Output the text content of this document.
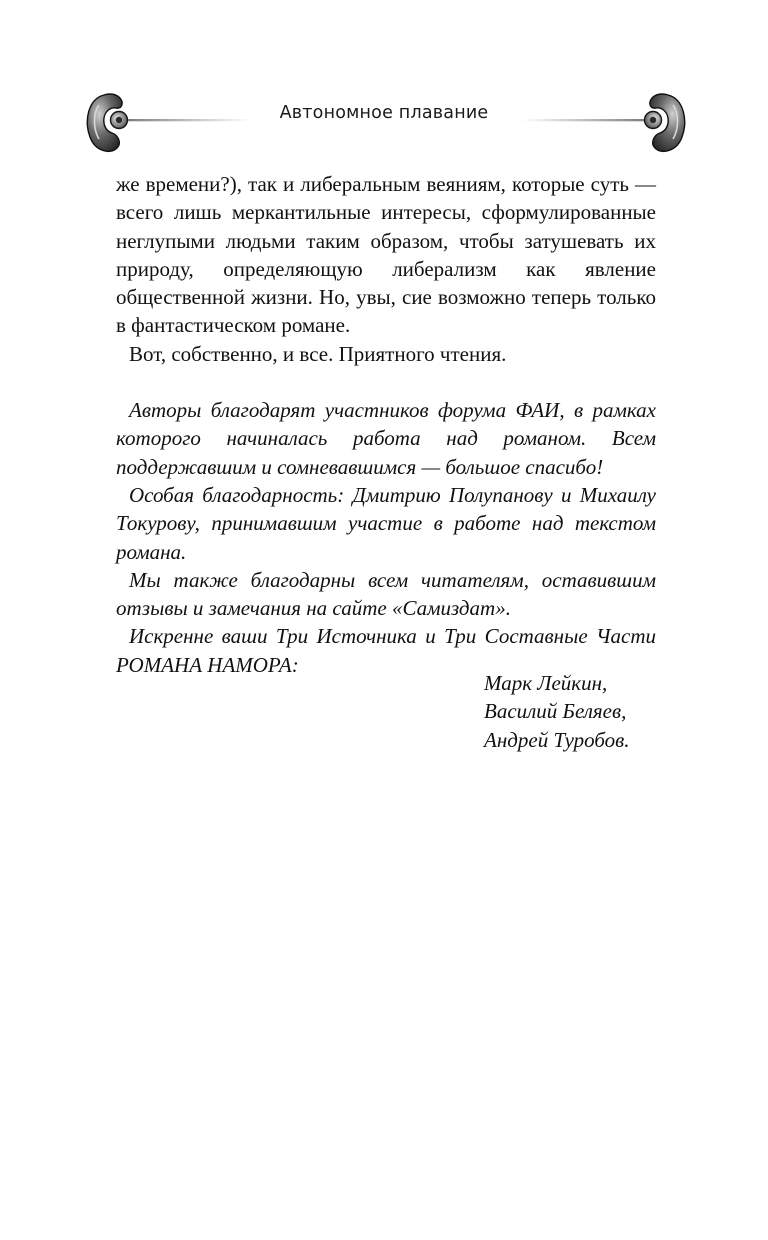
Автономное плавание

же времени?), так и либеральным веяниям, которые суть — всего лишь меркантильные интересы, сформулированные неглупыми людьми таким образом, чтобы затушевать их природу, определяющую либерализм как явление общественной жизни. Но, увы, сие возможно теперь только в фантастическом романе.

Вот, собственно, и все. Приятного чтения.

Авторы благодарят участников форума ФАИ, в рамках которого начиналась работа над романом. Всем поддержавшим и сомневавшимся — большое спасибо!

Особая благодарность: Дмитрию Полупанову и Михаилу Токурову, принимавшим участие в работе над текстом романа.

Мы также благодарны всем читателям, оставившим отзывы и замечания на сайте «Самиздат».

Искренне ваши Три Источника и Три Составные Части РОМАНА НАМОРА:

Марк Лейкин,
Василий Беляев,
Андрей Туробов.
